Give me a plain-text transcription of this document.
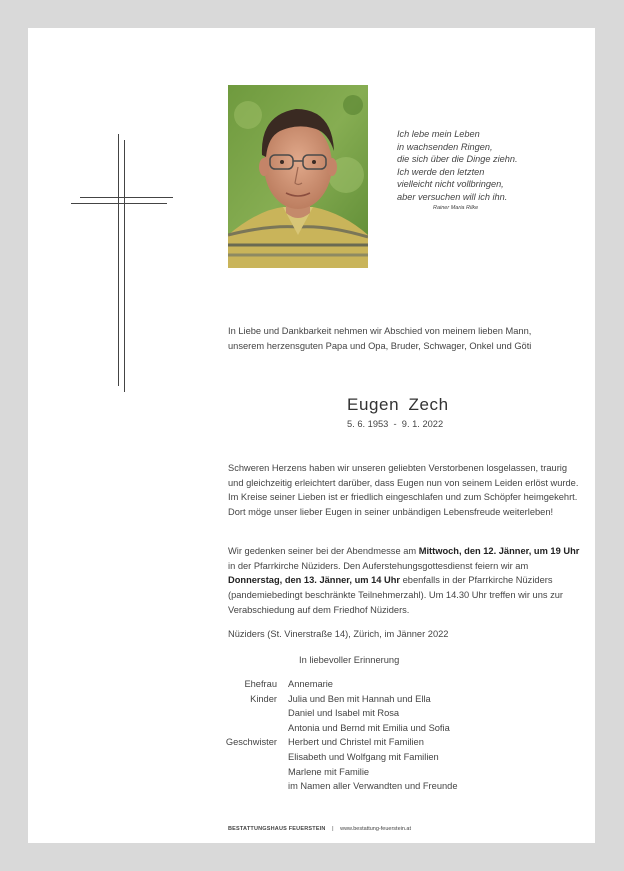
Ich lebe mein Leben
in wachsenden Ringen,
die sich über die Dinge ziehn.
Ich werde den letzten
vielleicht nicht vollbringen,
aber versuchen will ich ihn.
Rainer Maria Rilke
In Liebe und Dankbarkeit nehmen wir Abschied von meinem lieben Mann, unserem herzensguten Papa und Opa, Bruder, Schwager, Onkel und Göti
Eugen Zech
5. 6. 1953  -  9. 1. 2022
Schweren Herzens haben wir unseren geliebten Verstorbenen losgelassen, traurig und gleichzeitig erleichtert darüber, dass Eugen nun von seinem Leiden erlöst wurde. Im Kreise seiner Lieben ist er friedlich eingeschlafen und zum Schöpfer heimgekehrt. Dort möge unser lieber Eugen in seiner unbändigen Lebensfreude weiterleben!
Wir gedenken seiner bei der Abendmesse am Mittwoch, den 12. Jänner, um 19 Uhr in der Pfarrkirche Nüziders. Den Auferstehungsgottesdienst feiern wir am Donnerstag, den 13. Jänner, um 14 Uhr ebenfalls in der Pfarrkirche Nüziders (pandemiebedingt beschränkte Teilnehmerzahl). Um 14.30 Uhr treffen wir uns zur Verabschiedung auf dem Friedhof Nüziders.
Nüziders (St. Vinerstraße 14), Zürich, im Jänner 2022
In liebevoller Erinnerung
Ehefrau	Annemarie
Kinder	Julia und Ben mit Hannah und Ella
Daniel und Isabel mit Rosa
Antonia und Bernd mit Emilia und Sofia
Geschwister	Herbert und Christel mit Familien
Elisabeth und Wolfgang mit Familien
Marlene mit Familie
im Namen aller Verwandten und Freunde
BESTATTUNGSHAUS FEUERSTEIN | www.bestattung-feuerstein.at
